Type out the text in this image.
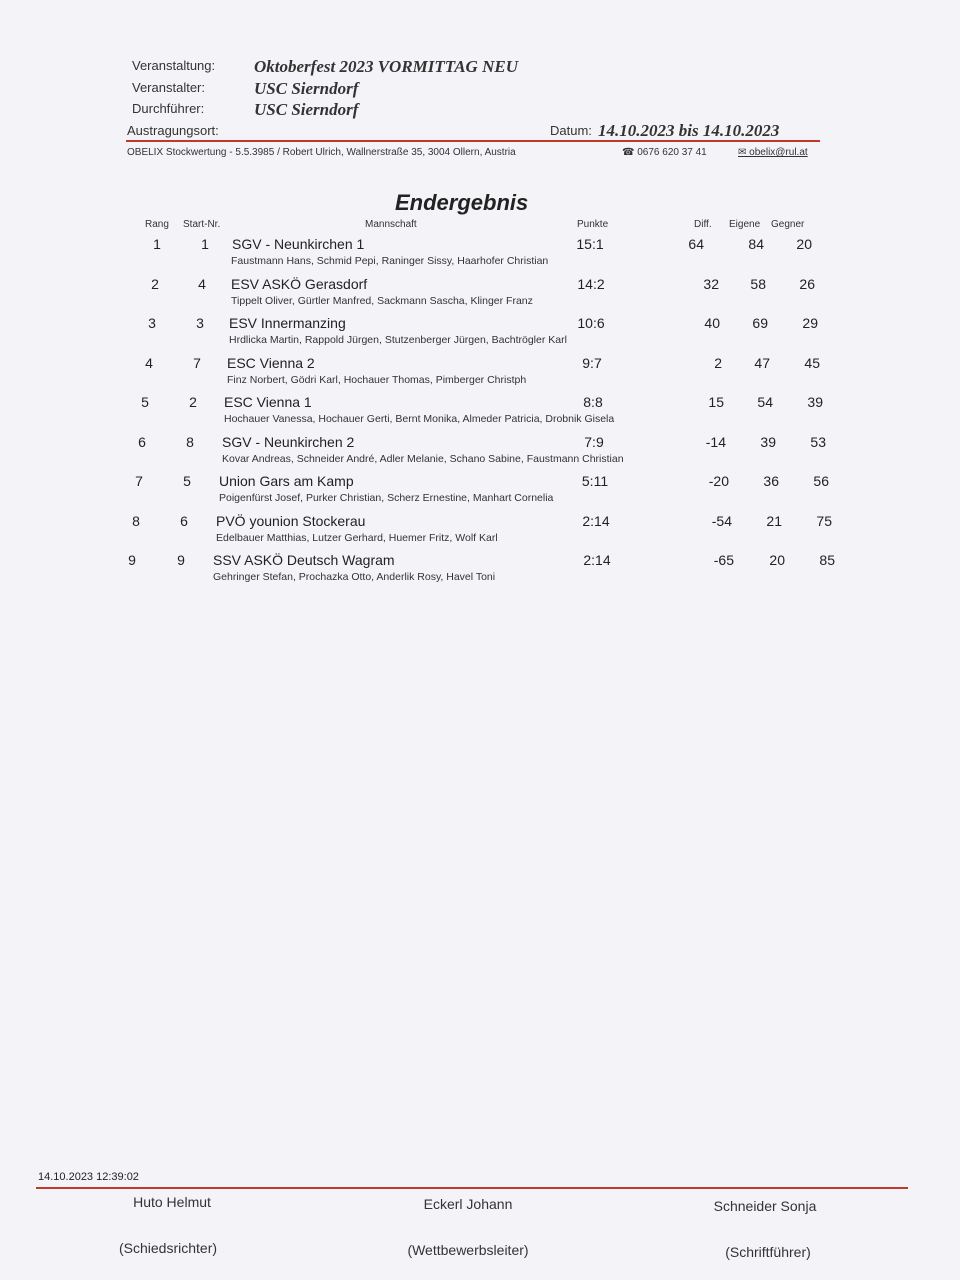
Veranstaltung: Oktoberfest 2023 VORMITTAG NEU
Veranstalter:	USC Sierndorf
Durchführer:	USC Sierndorf
Austragungsort:	Datum: 14.10.2023 bis 14.10.2023
OBELIX Stockwertung - 5.5.3985 / Robert Ulrich, Wallnerstraße 35, 3004 Ollern, Austria	☎ 0676 620 37 41	✉ obelix@rul.at
Endergebnis
Rang Start-Nr.	Mannschaft	Punkte	Diff. Eigene Gegner
1	1	SGV - Neunkirchen 1	15:1	64	84	20
Faustmann Hans, Schmid Pepi, Raninger Sissy, Haarhofer Christian
2	4	ESV ASKÖ Gerasdorf	14:2	32	58	26
Tippelt Oliver, Gürtler Manfred, Sackmann Sascha, Klinger Franz
3	3	ESV Innermanzing	10:6	40	69	29
Hrdlicka Martin, Rappold Jürgen, Stutzenberger Jürgen, Bachtrögler Karl
4	7	ESC Vienna 2	9:7	2	47	45
Finz Norbert, Gödri Karl, Hochauer Thomas, Pimberger Christph
5	2	ESC Vienna 1	8:8	15	54	39
Hochauer Vanessa, Hochauer Gerti, Bernt Monika, Almeder Patricia, Drobnik Gisela
6	8	SGV - Neunkirchen 2	7:9	-14	39	53
Kovar Andreas, Schneider André, Adler Melanie, Schano Sabine, Faustmann Christian
7	5	Union Gars am Kamp	5:11	-20	36	56
Poigenfürst Josef, Purker Christian, Scherz Ernestine, Manhart Cornelia
8	6	PVÖ younion Stockerau	2:14	-54	21	75
Edelbauer Matthias, Lutzer Gerhard, Huemer Fritz, Wolf Karl
9	9	SSV ASKÖ Deutsch Wagram	2:14	-65	20	85
Gehringer Stefan, Prochazka Otto, Anderlik Rosy, Havel Toni
14.10.2023 12:39:02
Huto Helmut	Eckerl Johann	Schneider Sonja
(Schiedsrichter)	(Wettbewerbsleiter)	(Schriftführer)
